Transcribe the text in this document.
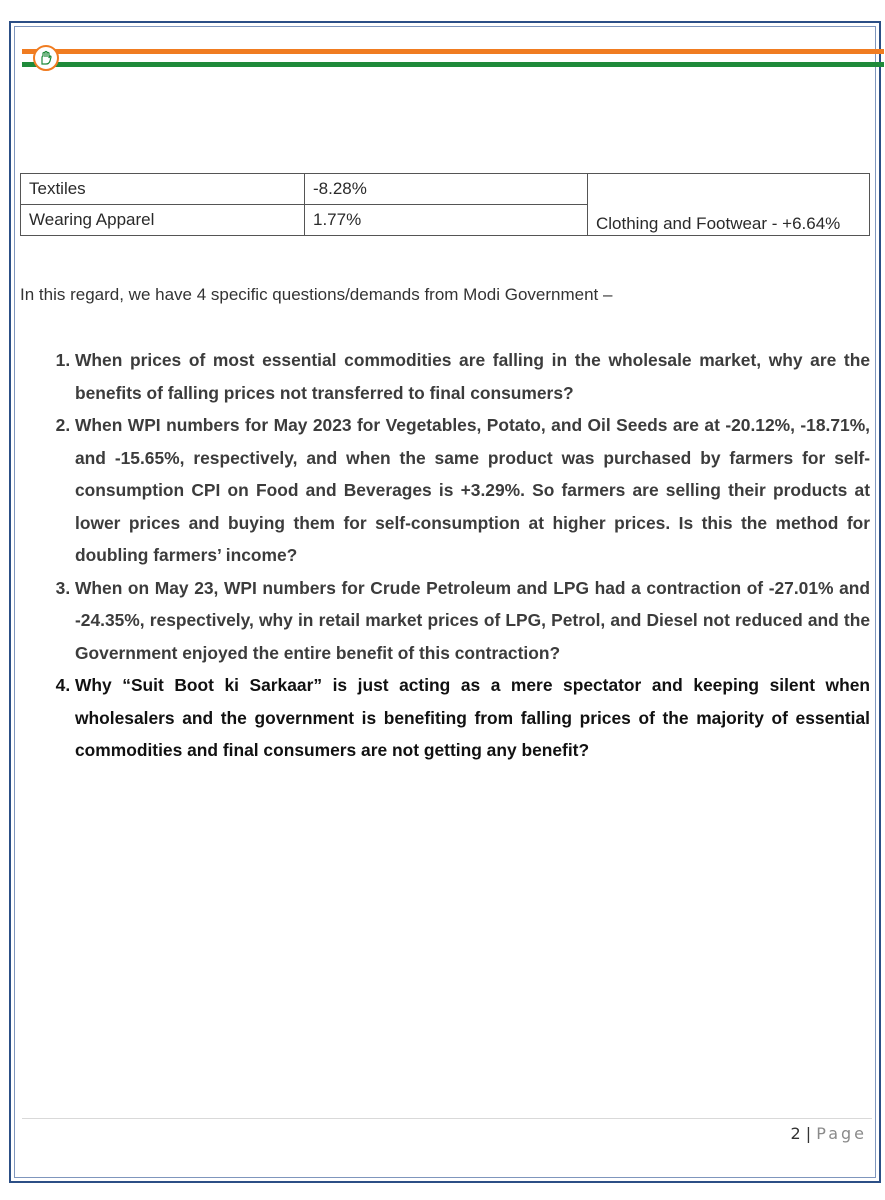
Textiles	-8.28%	Clothing and Footwear - +6.64%
Wearing Apparel	1.77%	
In this regard, we have 4 specific questions/demands from Modi Government –
1. When prices of most essential commodities are falling in the wholesale market, why are the benefits of falling prices not transferred to final consumers?
2. When WPI numbers for May 2023 for Vegetables, Potato, and Oil Seeds are at -20.12%, -18.71%, and -15.65%, respectively, and when the same product was purchased by farmers for self-consumption CPI on Food and Beverages is +3.29%. So farmers are selling their products at lower prices and buying them for self-consumption at higher prices. Is this the method for doubling farmers’ income?
3. When on May 23, WPI numbers for Crude Petroleum and LPG had a contraction of -27.01% and -24.35%, respectively, why in retail market prices of LPG, Petrol, and Diesel not reduced and the Government enjoyed the entire benefit of this contraction?
4. Why “Suit Boot ki Sarkaar” is just acting as a mere spectator and keeping silent when wholesalers and the government is benefiting from falling prices of the majority of essential commodities and final consumers are not getting any benefit?
2 | Page
